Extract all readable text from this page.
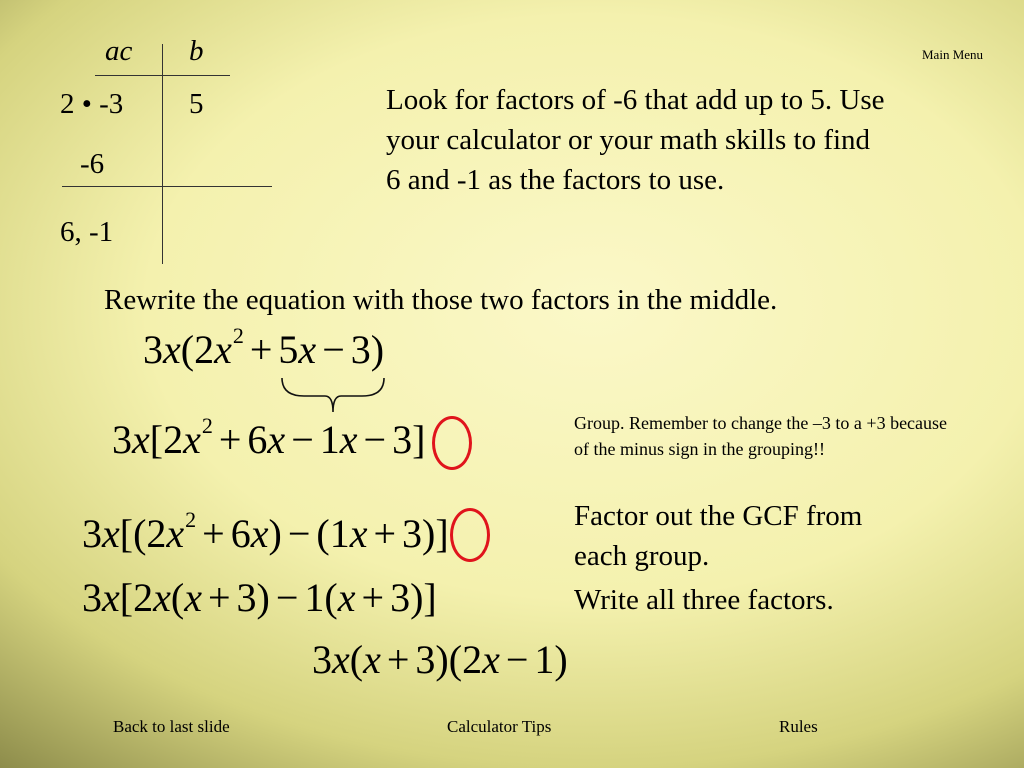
Main Menu
ac b
2 • -3 5
-6
6, -1
Look for factors of -6 that add up to 5. Use your calculator or your math skills to find 6 and -1 as the factors to use.
Rewrite the equation with those two factors in the middle.
$3x(2x^2 + 5x - 3)$
$3x[2x^2 + 6x - 1x - 3]$	Group. Remember to change the –3 to a +3 because of the minus sign in the grouping!!
$3x[(2x^2 + 6x) - (1x + 3)]$	Factor out the GCF from each group.
3x[2x(x + 3) − 1(x + 3)]	Write all three factors.
3x(x + 3)(2x − 1)
Back to last slide	Calculator Tips	Rules
